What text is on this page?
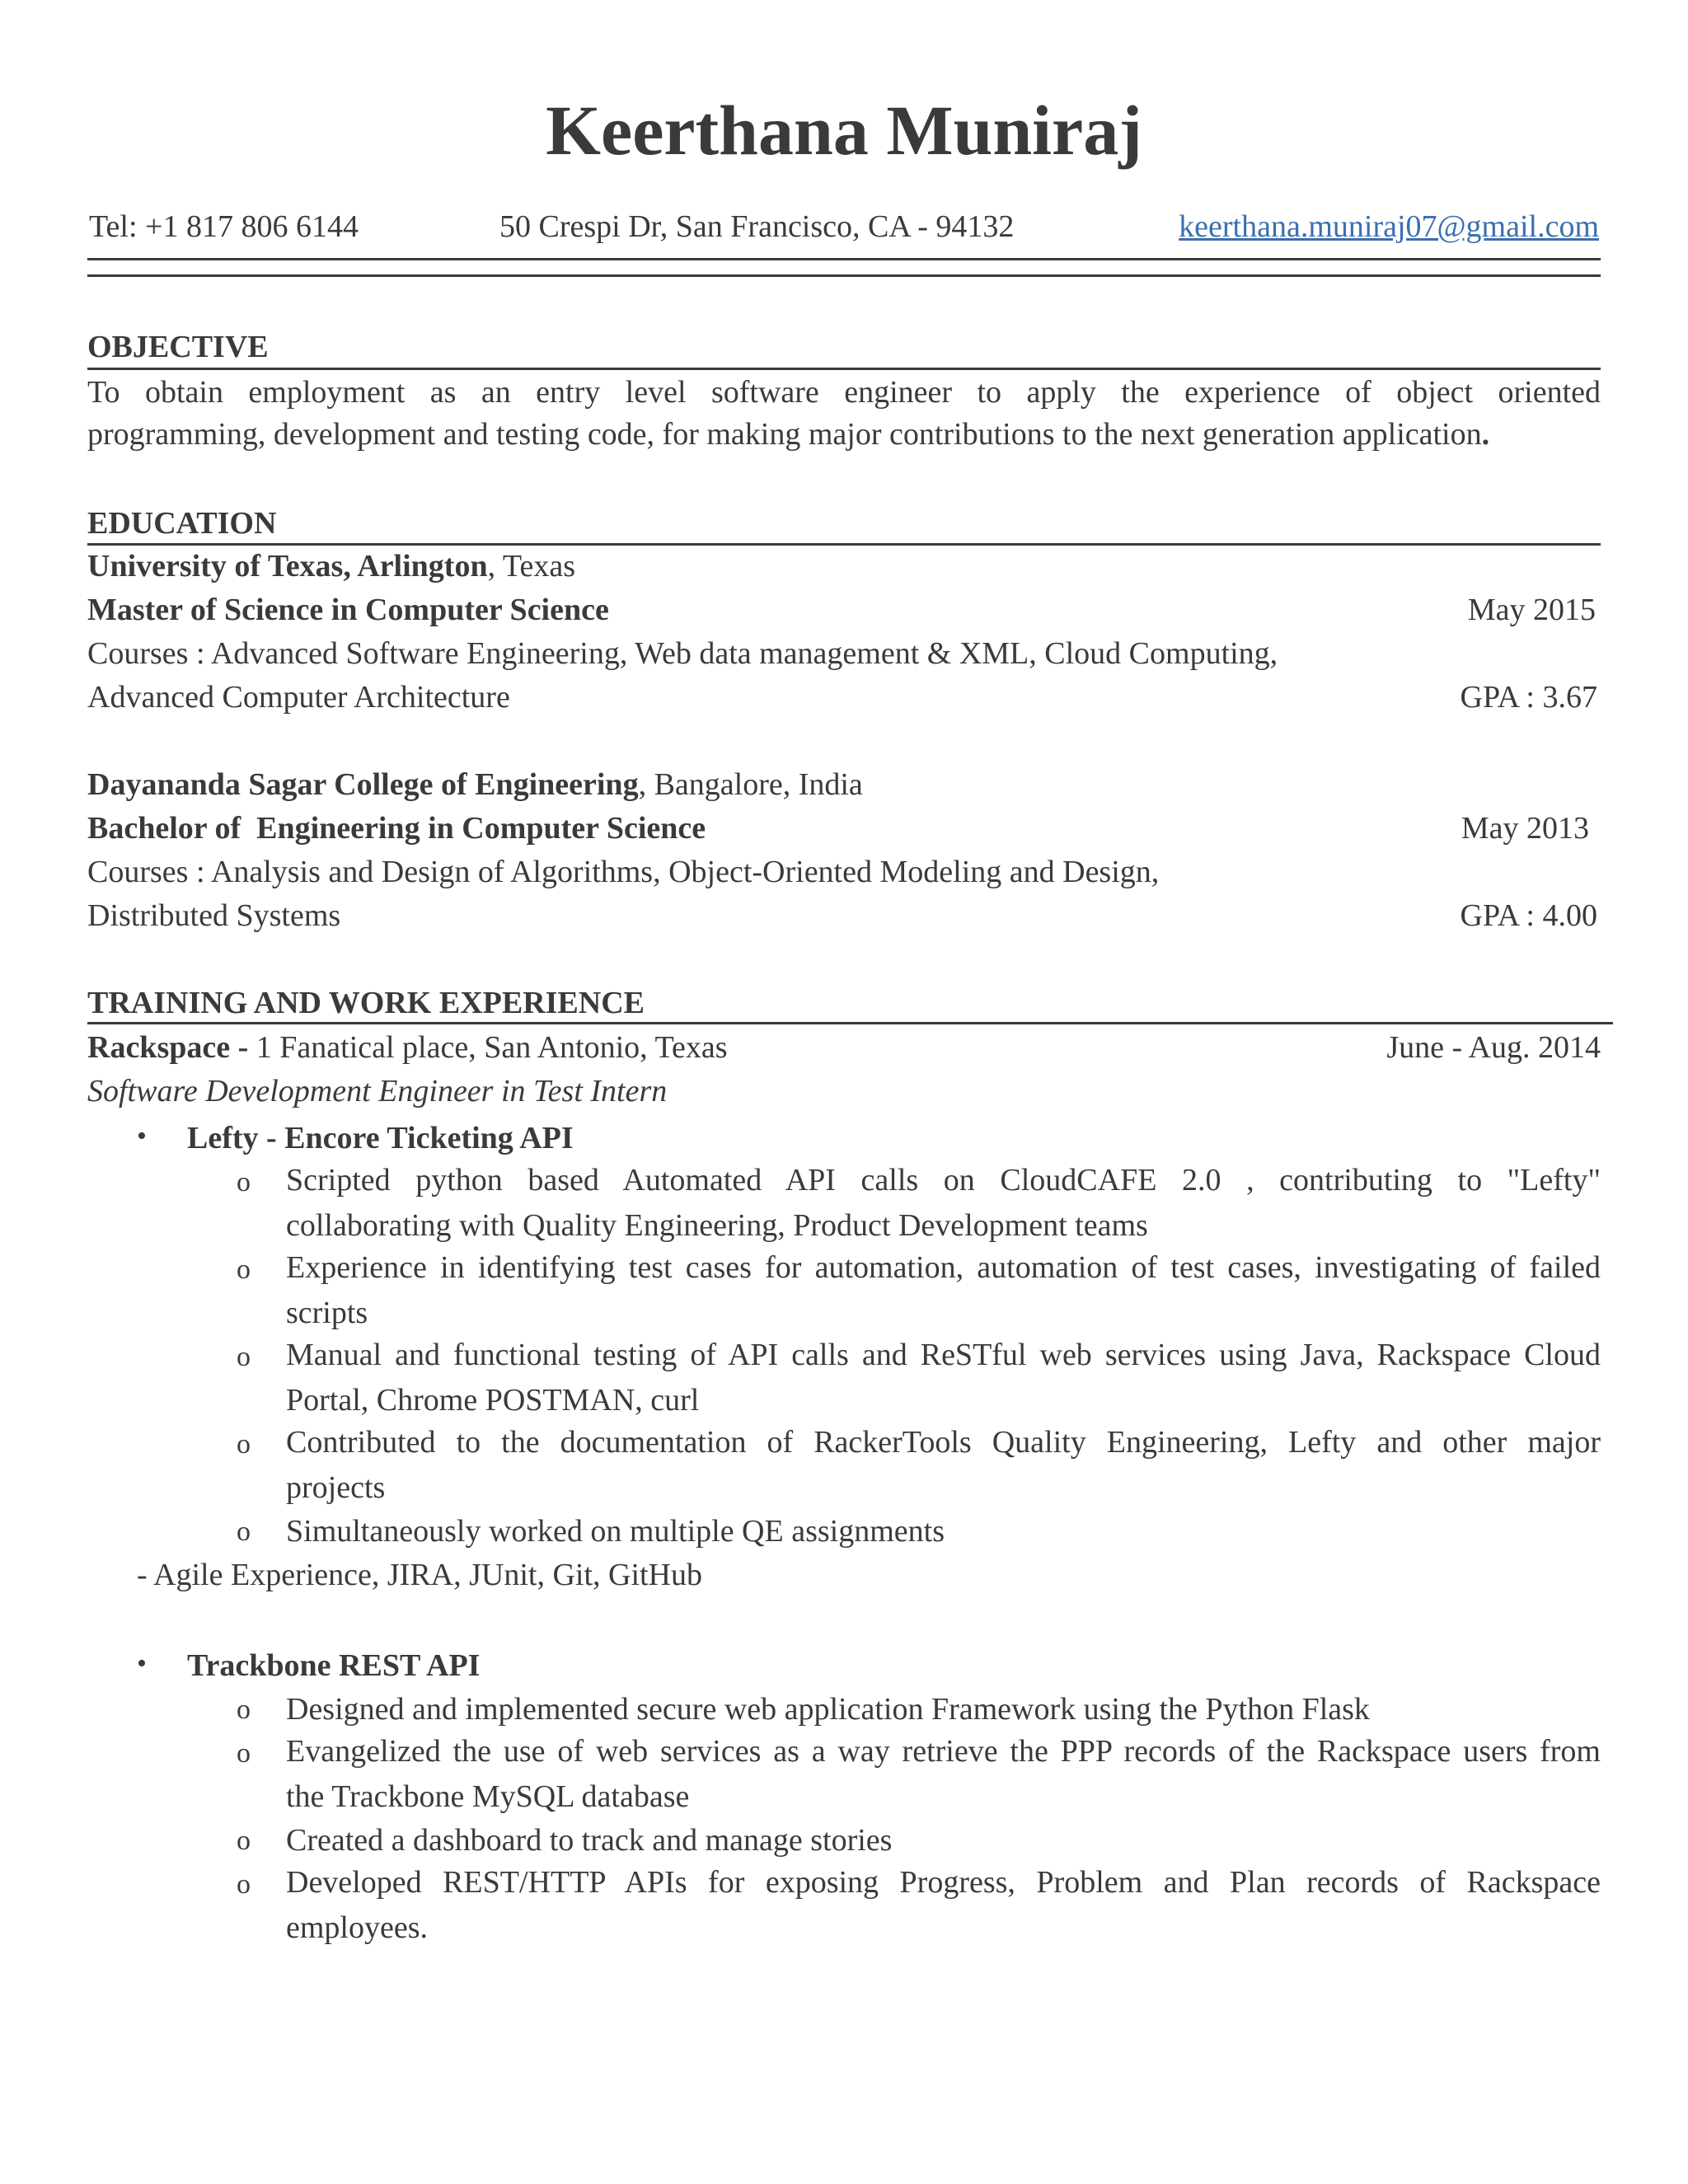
Keerthana Muniraj
Tel: +1 817 806 6144	50 Crespi Dr, San Francisco, CA - 94132	keerthana.muniraj07@gmail.com
OBJECTIVE
To obtain employment as an entry level software engineer to apply the experience of object oriented
programming, development and testing code, for making major contributions to the next generation application.
EDUCATION
University of Texas, Arlington, Texas
Master of Science in Computer Science	May 2015
Courses : Advanced Software Engineering, Web data management & XML, Cloud Computing,
Advanced Computer Architecture	GPA : 3.67
Dayananda Sagar College of Engineering, Bangalore, India
Bachelor of  Engineering in Computer Science	May 2013
Courses : Analysis and Design of Algorithms, Object-Oriented Modeling and Design,
Distributed Systems	GPA : 4.00
TRAINING AND WORK EXPERIENCE
Rackspace - 1 Fanatical place, San Antonio, Texas	June - Aug. 2014
Software Development Engineer in Test Intern
• Lefty - Encore Ticketing API
o Scripted python based Automated API calls on CloudCAFE 2.0 , contributing to "Lefty"
collaborating with Quality Engineering, Product Development teams
o Experience in identifying test cases for automation, automation of test cases, investigating of failed
scripts
o Manual and functional testing of API calls and ReSTful web services using Java, Rackspace Cloud
Portal, Chrome POSTMAN, curl
o Contributed to the documentation of RackerTools Quality Engineering, Lefty and other major
projects
o Simultaneously worked on multiple QE assignments
- Agile Experience, JIRA, JUnit, Git, GitHub
• Trackbone REST API
o Designed and implemented secure web application Framework using the Python Flask
o Evangelized the use of web services as a way retrieve the PPP records of the Rackspace users from
the Trackbone MySQL database
o Created a dashboard to track and manage stories
o Developed REST/HTTP APIs for exposing Progress, Problem and Plan records of Rackspace
employees.
